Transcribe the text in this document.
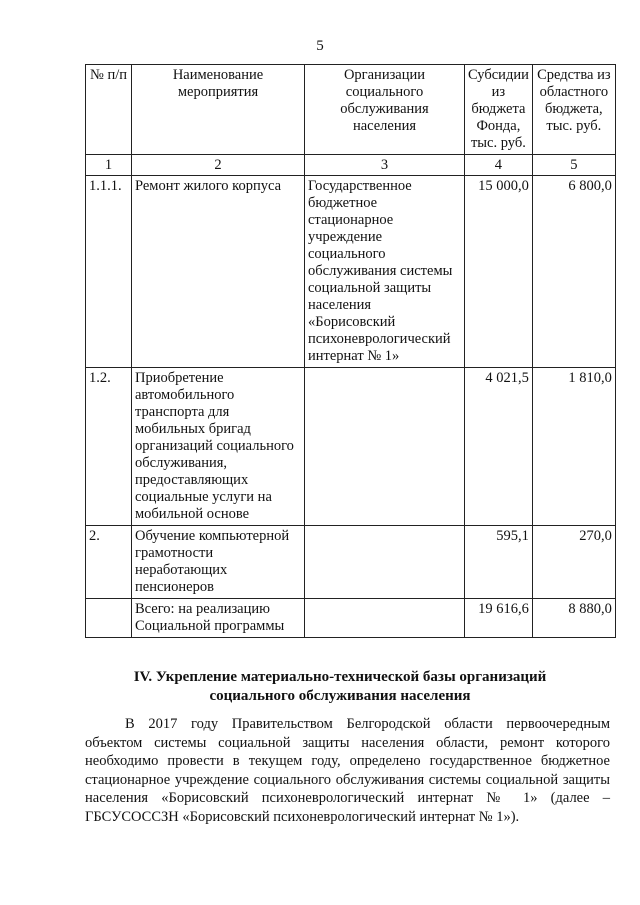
5
№ п/п	Наименование мероприятия	Организации социального обслуживания населения	Субсидии из бюджета Фонда, тыс. руб.	Средства из областного бюджета, тыс. руб.
1	2	3	4	5
1.1.1.	Ремонт жилого корпуса	Государственное бюджетное стационарное учреждение социального обслуживания системы социальной защиты населения «Борисовский психоневрологический интернат № 1»	15 000,0	6 800,0
1.2.	Приобретение автомобильного транспорта для мобильных бригад организаций социального обслуживания, предоставляющих социальные услуги на мобильной основе		4 021,5	1 810,0
2.	Обучение компьютерной грамотности неработающих пенсионеров		595,1	270,0
	Всего: на реализацию Социальной программы		19 616,6	8 880,0
IV. Укрепление материально-технической базы организаций социального обслуживания населения

В 2017 году Правительством Белгородской области первоочередным объектом системы социальной защиты населения области, ремонт которого необходимо провести в текущем году, определено государственное бюджетное стационарное учреждение социального обслуживания системы социальной защиты населения «Борисовский психоневрологический интернат № 1» (далее – ГБСУСОССЗН «Борисовский психоневрологический интернат № 1»).
